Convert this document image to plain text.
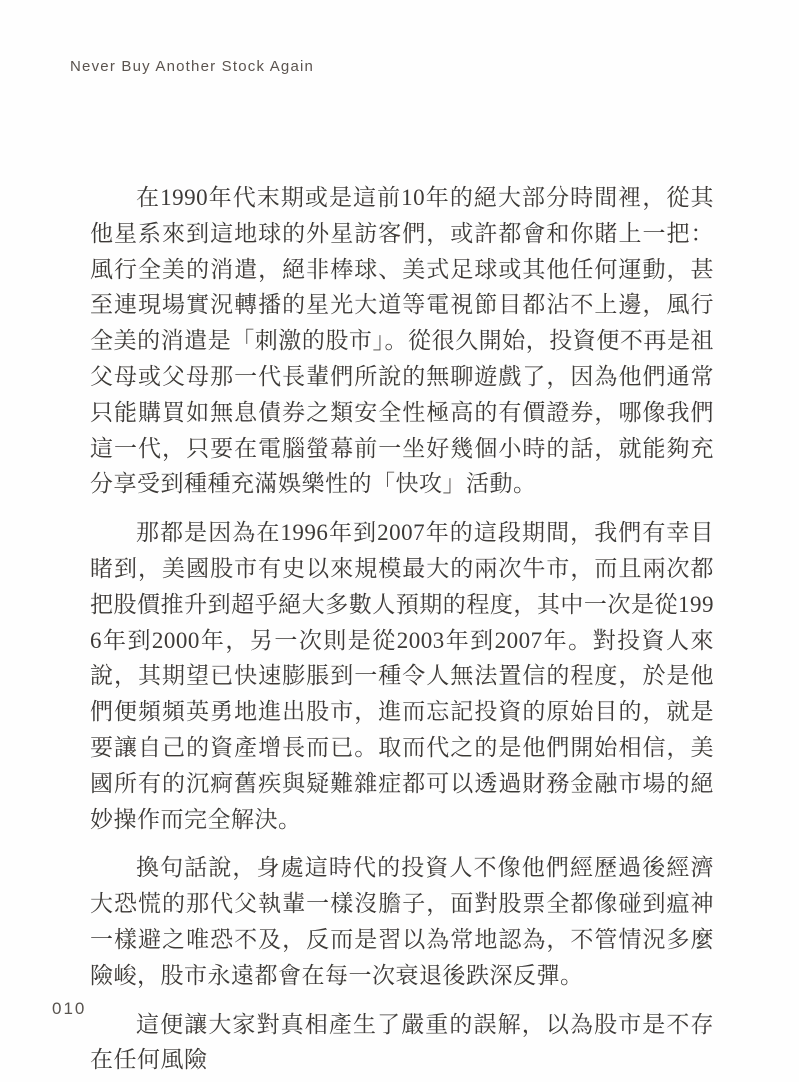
Never Buy Another Stock Again

在1990年代末期或是這前10年的絕大部分時間裡，從其他星系來到這地球的外星訪客們，或許都會和你賭上一把：風行全美的消遣，絕非棒球、美式足球或其他任何運動，甚至連現場實況轉播的星光大道等電視節目都沾不上邊，風行全美的消遣是「刺激的股市」。從很久開始，投資便不再是祖父母或父母那一代長輩們所說的無聊遊戲了，因為他們通常只能購買如無息債券之類安全性極高的有價證券，哪像我們這一代，只要在電腦螢幕前一坐好幾個小時的話，就能夠充分享受到種種充滿娛樂性的「快攻」活動。

那都是因為在1996年到2007年的這段期間，我們有幸目睹到，美國股市有史以來規模最大的兩次牛市，而且兩次都把股價推升到超乎絕大多數人預期的程度，其中一次是從1996年到2000年，另一次則是從2003年到2007年。對投資人來說，其期望已快速膨脹到一種令人無法置信的程度，於是他們便頻頻英勇地進出股市，進而忘記投資的原始目的，就是要讓自己的資產增長而已。取而代之的是他們開始相信，美國所有的沉痾舊疾與疑難雜症都可以透過財務金融市場的絕妙操作而完全解決。

換句話說，身處這時代的投資人不像他們經歷過後經濟大恐慌的那代父執輩一樣沒膽子，面對股票全都像碰到瘟神一樣避之唯恐不及，反而是習以為常地認為，不管情況多麼險峻，股市永遠都會在每一次衰退後跌深反彈。

這便讓大家對真相產生了嚴重的誤解，以為股市是不存在任何風險

010
